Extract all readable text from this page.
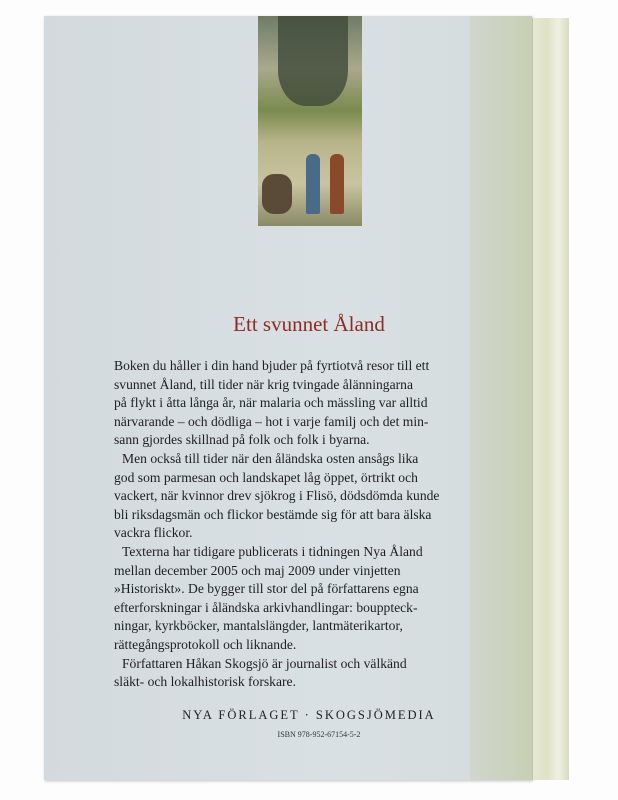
Ett svunnet Åland
Boken du håller i din hand bjuder på fyrtiotvå resor till ett
svunnet Åland, till tider när krig tvingade ålänningarna
på flykt i åtta långa år, när malaria och mässling var alltid
närvarande – och dödliga – hot i varje familj och det min-
sann gjordes skillnad på folk och folk i byarna.
Men också till tider när den åländska osten ansågs lika
god som parmesan och landskapet låg öppet, örtrikt och
vackert, när kvinnor drev sjökrog i Flisö, dödsdömda kunde
bli riksdagsmän och flickor bestämde sig för att bara älska
vackra flickor.
Texterna har tidigare publicerats i tidningen Nya Åland
mellan december 2005 och maj 2009 under vinjetten
»Historiskt». De bygger till stor del på författarens egna
efterforskningar i åländska arkivhandlingar: bouppteck-
ningar, kyrkböcker, mantalslängder, lantmäterikartor,
rättegångsprotokoll och liknande.
Författaren Håkan Skogsjö är journalist och välkänd
släkt- och lokalhistorisk forskare.
NYA FÖRLAGET · SKOGSJÖMEDIA
ISBN 978-952-67154-5-2
